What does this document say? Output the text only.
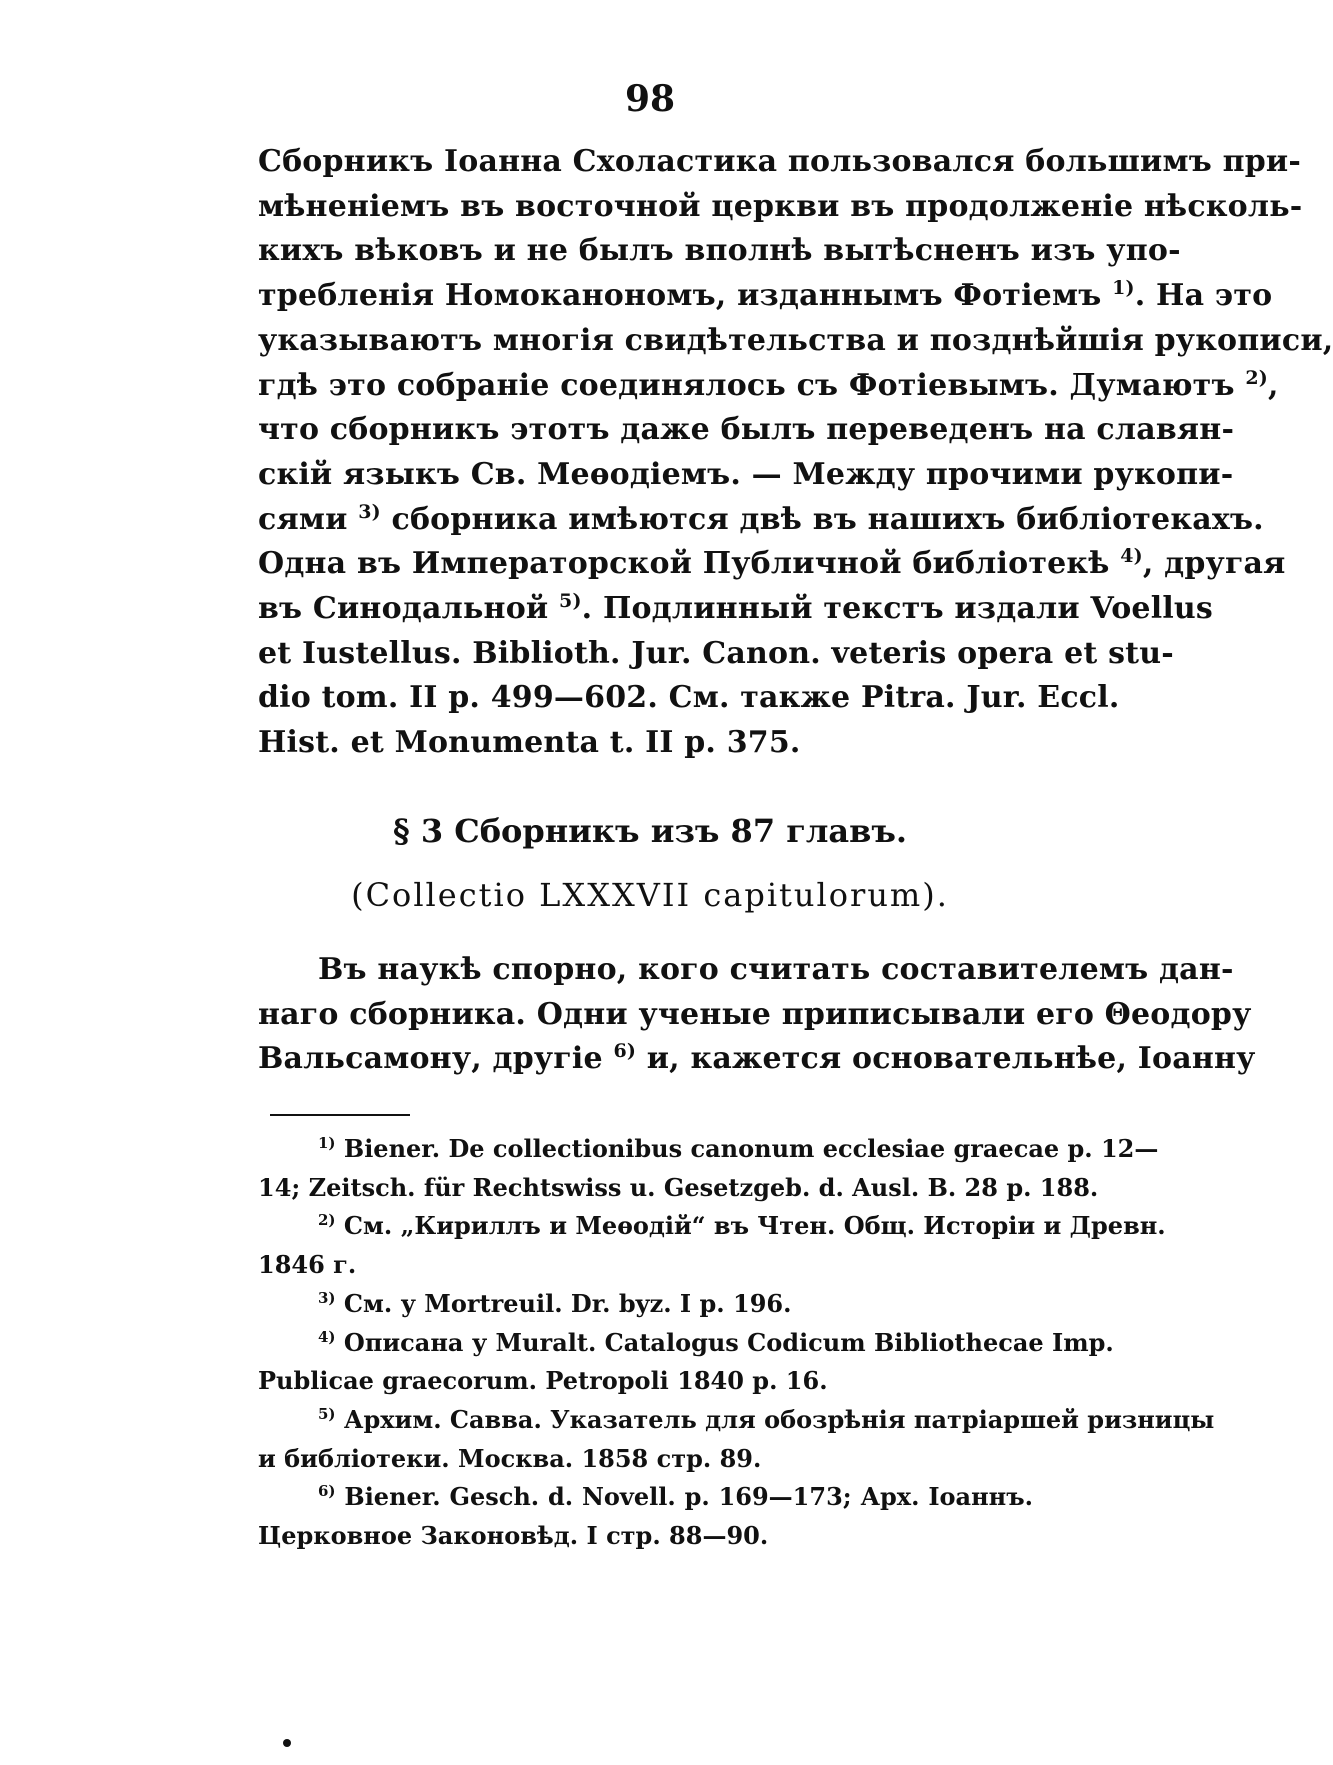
98
Сборникъ Іоанна Схоластика пользовался большимъ при-
мѣненіемъ въ восточной церкви въ продолженіе нѣсколь-
кихъ вѣковъ и не былъ вполнѣ вытѣсненъ изъ упо-
требленія Номоканономъ, изданнымъ Фотіемъ $^{1)}$. На это
указываютъ многія свидѣтельства и позднѣйшія рукописи,
гдѣ это собраніе соединялось съ Фотіевымъ. Думаютъ $^{2)}$,
что сборникъ этотъ даже былъ переведенъ на славян-
скій языкъ Св. Меѳодіемъ. — Между прочими рукопи-
сями $^{3)}$ сборника имѣются двѣ въ нашихъ библіотекахъ.
Одна въ Императорской Публичной библіотекѣ $^{4)}$, другая
въ Синодальной $^{5)}$. Подлинный текстъ издали Voellus
et Iustellus. Biblioth. Jur. Canon. veteris opera et stu-
dio tom. II p. 499—602. См. также Pitra. Jur. Eccl.
Hist. et Monumenta t. II p. 375.
§ 3 Сборникъ изъ 87 главъ.
(Collectio LXXXVII capitulorum).
Въ наукѣ спорно, кого считать составителемъ дан-
наго сборника. Одни ученые приписывали его Θеодору
Вальсамону, другіе $^{6)}$ и, кажется основательнѣе, Іоанну
$^{1)}$ Biener. De collectionibus canonum ecclesiae graecae p. 12—
14; Zeitsch. für Rechtswiss u. Gesetzgeb. d. Ausl. B. 28 p. 188.
$^{2)}$ См. „Кириллъ и Меѳодій“ въ Чтен. Общ. Исторіи и Древн.
1846 г.
$^{3)}$ См. у Mortreuil. Dr. byz. I p. 196.
$^{4)}$ Описана у Muralt. Catalogus Codicum Bibliothecae Imp.
Publicae graecorum. Petropoli 1840 p. 16.
$^{5)}$ Архим. Савва. Указатель для обозрѣнія патріаршей ризницы
и библіотеки. Москва. 1858 стр. 89.
$^{6)}$ Biener. Gesch. d. Novell. p. 169—173; Арх. Іоаннъ.
Церковное Законовѣд. I стр. 88—90.
